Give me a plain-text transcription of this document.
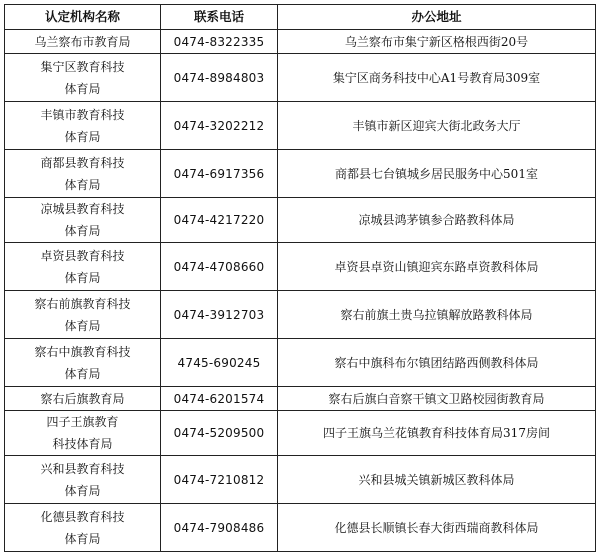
认定机构名称	联系电话	办公地址
乌兰察布市教育局	0474-8322335	乌兰察布市集宁新区格根西街20号
集宁区教育科技
体育局	0474-8984803	集宁区商务科技中心A1号教育局309室
丰镇市教育科技
体育局	0474-3202212	丰镇市新区迎宾大街北政务大厅
商都县教育科技
体育局	0474-6917356	商都县七台镇城乡居民服务中心501室
凉城县教育科技
体育局	0474-4217220	凉城县鸿茅镇参合路教科体局
卓资县教育科技
体育局	0474-4708660	卓资县卓资山镇迎宾东路卓资教科体局
察右前旗教育科技
体育局	0474-3912703	察右前旗土贵乌拉镇解放路教科体局
察右中旗教育科技
体育局	4745-690245	察右中旗科布尔镇团结路西侧教科体局
察右后旗教育局	0474-6201574	察右后旗白音察干镇文卫路校园街教育局
四子王旗教育
科技体育局	0474-5209500	四子王旗乌兰花镇教育科技体育局317房间
兴和县教育科技
体育局	0474-7210812	兴和县城关镇新城区教科体局
化德县教育科技
体育局	0474-7908486	化德县长顺镇长春大街西瑞商教科体局
